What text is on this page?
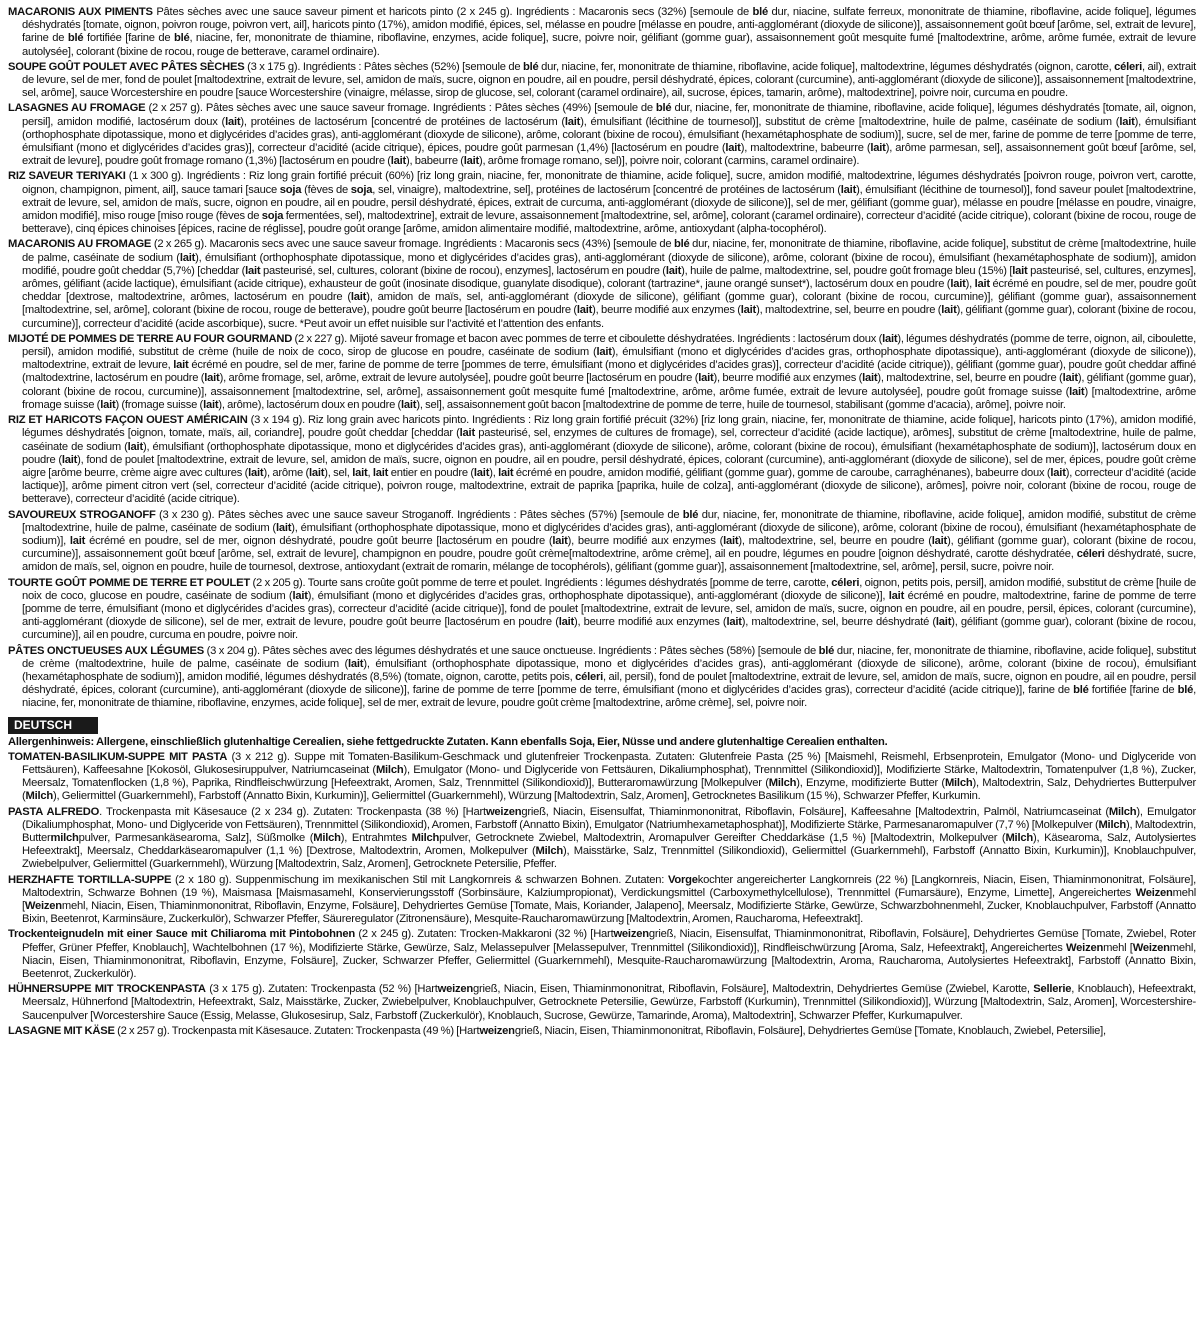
MACARONIS AUX PIMENTS Pâtes sèches avec une sauce saveur piment et haricots pinto (2 x 245 g). Ingrédients : Macaronis secs (32%) [semoule de blé dur, niacine, sulfate ferreux, mononitrate de thiamine, riboflavine, acide folique], légumes déshydratés [tomate, oignon, poivron rouge, poivron vert, ail], haricots pinto (17%), amidon modifié, épices, sel, mélasse en poudre [mélasse en poudre, anti-agglomérant (dioxyde de silicone)], assaisonnement goût bœuf [arôme, sel, extrait de levure], farine de blé fortifiée [farine de blé, niacine, fer, mononitrate de thiamine, riboflavine, enzymes, acide folique], sucre, poivre noir, gélifiant (gomme guar), assaisonnement goût mesquite fumé [maltodextrine, arôme, arôme fumée, extrait de levure autolysée], colorant (bixine de rocou, rouge de betterave, caramel ordinaire).

SOUPE GOÛT POULET AVEC PÂTES SÈCHES (3 x 175 g). Ingrédients : Pâtes sèches (52%) [semoule de blé dur, niacine, fer, mononitrate de thiamine, riboflavine, acide folique], maltodextrine, légumes déshydratés (oignon, carotte, céleri, ail), extrait de levure, sel de mer, fond de poulet [maltodextrine, extrait de levure, sel, amidon de maïs, sucre, oignon en poudre, ail en poudre, persil déshydraté, épices, colorant (curcumine), anti-agglomérant (dioxyde de silicone)], assaisonnement [maltodextrine, sel, arôme], sauce Worcestershire en poudre [sauce Worcestershire (vinaigre, mélasse, sirop de glucose, sel, colorant (caramel ordinaire), ail, sucrose, épices, tamarin, arôme), maltodextrine], poivre noir, curcuma en poudre.

LASAGNES AU FROMAGE (2 x 257 g). Pâtes sèches avec une sauce saveur fromage. Ingrédients : Pâtes sèches (49%) [semoule de blé dur, niacine, fer, mononitrate de thiamine, riboflavine, acide folique], légumes déshydratés [tomate, ail, oignon, persil], amidon modifié, lactosérum doux (lait), protéines de lactosérum [concentré de protéines de lactosérum (lait), émulsifiant (lécithine de tournesol)], substitut de crème [maltodextrine, huile de palme, caséinate de sodium (lait), émulsifiant (orthophosphate dipotassique, mono et diglycérides d’acides gras), anti-agglomérant (dioxyde de silicone), arôme, colorant (bixine de rocou), émulsifiant (hexamétaphosphate de sodium)], sucre, sel de mer, farine de pomme de terre [pomme de terre, émulsifiant (mono et diglycérides d’acides gras)], correcteur d’acidité (acide citrique), épices, poudre goût parmesan (1,4%) [lactosérum en poudre (lait), maltodextrine, babeurre (lait), arôme parmesan, sel], assaisonnement goût bœuf [arôme, sel, extrait de levure], poudre goût fromage romano (1,3%) [lactosérum en poudre (lait), babeurre (lait), arôme fromage romano, sel)], poivre noir, colorant (carmins, caramel ordinaire).

RIZ SAVEUR TERIYAKI (1 x 300 g). Ingrédients : Riz long grain fortifié précuit (60%) [riz long grain, niacine, fer, mononitrate de thiamine, acide folique], sucre, amidon modifié, maltodextrine, légumes déshydratés [poivron rouge, poivron vert, carotte, oignon, champignon, piment, ail], sauce tamari [sauce soja (fèves de soja, sel, vinaigre), maltodextrine, sel], protéines de lactosérum [concentré de protéines de lactosérum (lait), émulsifiant (lécithine de tournesol)], fond saveur poulet [maltodextrine, extrait de levure, sel, amidon de maïs, sucre, oignon en poudre, ail en poudre, persil déshydraté, épices, extrait de curcuma, anti-agglomérant (dioxyde de silicone)], sel de mer, gélifiant (gomme guar), mélasse en poudre [mélasse en poudre, vinaigre, amidon modifié], miso rouge [miso rouge (fèves de soja fermentées, sel), maltodextrine], extrait de levure, assaisonnement [maltodextrine, sel, arôme], colorant (caramel ordinaire), correcteur d’acidité (acide citrique), colorant (bixine de rocou, rouge de betterave), cinq épices chinoises [épices, racine de réglisse], poudre goût orange [arôme, amidon alimentaire modifié, maltodextrine, arôme, antioxydant (alpha-tocophérol).

MACARONIS AU FROMAGE (2 x 265 g). Macaronis secs avec une sauce saveur fromage. Ingrédients : Macaronis secs (43%) [semoule de blé dur, niacine, fer, mononitrate de thiamine, riboflavine, acide folique], substitut de crème [maltodextrine, huile de palme, caséinate de sodium (lait), émulsifiant (orthophosphate dipotassique, mono et diglycérides d’acides gras), anti-agglomérant (dioxyde de silicone), arôme, colorant (bixine de rocou), émulsifiant (hexamétaphosphate de sodium)], amidon modifié, poudre goût cheddar (5,7%) [cheddar (lait pasteurisé, sel, cultures, colorant (bixine de rocou), enzymes], lactosérum en poudre (lait), huile de palme, maltodextrine, sel, poudre goût fromage bleu (15%) [lait pasteurisé, sel, cultures, enzymes], arômes, gélifiant (acide lactique), émulsifiant (acide citrique), exhausteur de goût (inosinate disodique, guanylate disodique), colorant (tartrazine*, jaune orangé sunset*), lactosérum doux en poudre (lait), lait écrémé en poudre, sel de mer, poudre goût cheddar [dextrose, maltodextrine, arômes, lactosérum en poudre (lait), amidon de maïs, sel, anti-agglomérant (dioxyde de silicone), gélifiant (gomme guar), colorant (bixine de rocou, curcumine)], gélifiant (gomme guar), assaisonnement [maltodextrine, sel, arôme], colorant (bixine de rocou, rouge de betterave), poudre goût beurre [lactosérum en poudre (lait), beurre modifié aux enzymes (lait), maltodextrine, sel, beurre en poudre (lait), gélifiant (gomme guar), colorant (bixine de rocou, curcumine)], correcteur d’acidité (acide ascorbique), sucre. *Peut avoir un effet nuisible sur l’activité et l’attention des enfants.

MIJOTÉ DE POMMES DE TERRE AU FOUR GOURMAND (2 x 227 g). Mijoté saveur fromage et bacon avec pommes de terre et ciboulette déshydratées. Ingrédients : lactosérum doux (lait), légumes déshydratés (pomme de terre, oignon, ail, ciboulette, persil), amidon modifié, substitut de crème (huile de noix de coco, sirop de glucose en poudre, caséinate de sodium (lait), émulsifiant (mono et diglycérides d’acides gras, orthophosphate dipotassique), anti-agglomérant (dioxyde de silicone)), maltodextrine, extrait de levure, lait écrémé en poudre, sel de mer, farine de pomme de terre [pommes de terre, émulsifiant (mono et diglycérides d’acides gras)], correcteur d’acidité (acide citrique)), gélifiant (gomme guar), poudre goût cheddar affiné (maltodextrine, lactosérum en poudre (lait), arôme fromage, sel, arôme, extrait de levure autolysée], poudre goût beurre [lactosérum en poudre (lait), beurre modifié aux enzymes (lait), maltodextrine, sel, beurre en poudre (lait), gélifiant (gomme guar), colorant (bixine de rocou, curcumine)], assaisonnement [maltodextrine, sel, arôme], assaisonnement goût mesquite fumé [maltodextrine, arôme, arôme fumée, extrait de levure autolysée], poudre goût fromage suisse (lait) [maltodextrine, arôme fromage suisse (lait) (fromage suisse (lait), arôme), lactosérum doux en poudre (lait), sel], assaisonnement goût bacon [maltodextrine de pomme de terre, huile de tournesol, stabilisant (gomme d’acacia), arôme], poivre noir.

RIZ ET HARICOTS FAÇON OUEST AMÉRICAIN (3 x 194 g). Riz long grain avec haricots pinto. Ingrédients : Riz long grain fortifié précuit (32%) [riz long grain, niacine, fer, mononitrate de thiamine, acide folique], haricots pinto (17%), amidon modifié, légumes déshydratés [oignon, tomate, maïs, ail, coriandre], poudre goût cheddar [cheddar (lait pasteurisé, sel, enzymes de cultures de fromage), sel, correcteur d’acidité (acide lactique), arômes], substitut de crème [maltodextrine, huile de palme, caséinate de sodium (lait), émulsifiant (orthophosphate dipotassique, mono et diglycérides d’acides gras), anti-agglomérant (dioxyde de silicone), arôme, colorant (bixine de rocou), émulsifiant (hexamétaphosphate de sodium)], lactosérum doux en poudre (lait), fond de poulet [maltodextrine, extrait de levure, sel, amidon de maïs, sucre, oignon en poudre, ail en poudre, persil déshydraté, épices, colorant (curcumine), anti-agglomérant (dioxyde de silicone), sel de mer, épices, poudre goût crème aigre [arôme beurre, crème aigre avec cultures (lait), arôme (lait), sel, lait, lait entier en poudre (lait), lait écrémé en poudre, amidon modifié, gélifiant (gomme guar), gomme de caroube, carraghénanes), babeurre doux (lait), correcteur d’acidité (acide lactique)], arôme piment citron vert (sel, correcteur d’acidité (acide citrique), poivron rouge, maltodextrine, extrait de paprika [paprika, huile de colza], anti-agglomérant (dioxyde de silicone), arômes], poivre noir, colorant (bixine de rocou, rouge de betterave), correcteur d’acidité (acide citrique).

SAVOUREUX STROGANOFF (3 x 230 g). Pâtes sèches avec une sauce saveur Stroganoff. Ingrédients : Pâtes sèches (57%) [semoule de blé dur, niacine, fer, mononitrate de thiamine, riboflavine, acide folique], amidon modifié, substitut de crème [maltodextrine, huile de palme, caséinate de sodium (lait), émulsifiant (orthophosphate dipotassique, mono et diglycérides d’acides gras), anti-agglomérant (dioxyde de silicone), arôme, colorant (bixine de rocou), émulsifiant (hexamétaphosphate de sodium)], lait écrémé en poudre, sel de mer, oignon déshydraté, poudre goût beurre [lactosérum en poudre (lait), beurre modifié aux enzymes (lait), maltodextrine, sel, beurre en poudre (lait), gélifiant (gomme guar), colorant (bixine de rocou, curcumine)], assaisonnement goût bœuf [arôme, sel, extrait de levure], champignon en poudre, poudre goût crème[maltodextrine, arôme crème], ail en poudre, légumes en poudre [oignon déshydraté, carotte déshydratée, céleri déshydraté, sucre, amidon de maïs, sel, oignon en poudre, huile de tournesol, dextrose, antioxydant (extrait de romarin, mélange de tocophérols), gélifiant (gomme guar)], assaisonnement [maltodextrine, sel, arôme], persil, sucre, poivre noir.

TOURTE GOÛT POMME DE TERRE ET POULET (2 x 205 g). Tourte sans croûte goût pomme de terre et poulet. Ingrédients : légumes déshydratés [pomme de terre, carotte, céleri, oignon, petits pois, persil], amidon modifié, substitut de crème [huile de noix de coco, glucose en poudre, caséinate de sodium (lait), émulsifiant (mono et diglycérides d’acides gras, orthophosphate dipotassique), anti-agglomérant (dioxyde de silicone)], lait écrémé en poudre, maltodextrine, farine de pomme de terre [pomme de terre, émulsifiant (mono et diglycérides d’acides gras), correcteur d’acidité (acide citrique)], fond de poulet [maltodextrine, extrait de levure, sel, amidon de maïs, sucre, oignon en poudre, ail en poudre, persil, épices, colorant (curcumine), anti-agglomérant (dioxyde de silicone), sel de mer, extrait de levure, poudre goût beurre [lactosérum en poudre (lait), beurre modifié aux enzymes (lait), maltodextrine, sel, beurre déshydraté (lait), gélifiant (gomme guar), colorant (bixine de rocou, curcumine)], ail en poudre, curcuma en poudre, poivre noir.

PÂTES ONCTUEUSES AUX LÉGUMES (3 x 204 g). Pâtes sèches avec des légumes déshydratés et une sauce onctueuse. Ingrédients : Pâtes sèches (58%) [semoule de blé dur, niacine, fer, mononitrate de thiamine, riboflavine, acide folique], substitut de crème (maltodextrine, huile de palme, caséinate de sodium (lait), émulsifiant (orthophosphate dipotassique, mono et diglycérides d’acides gras), anti-agglomérant (dioxyde de silicone), arôme, colorant (bixine de rocou), émulsifiant (hexamétaphosphate de sodium)], amidon modifié, légumes déshydratés (8,5%) (tomate, oignon, carotte, petits pois, céleri, ail, persil), fond de poulet [maltodextrine, extrait de levure, sel, amidon de maïs, sucre, oignon en poudre, ail en poudre, persil déshydraté, épices, colorant (curcumine), anti-agglomérant (dioxyde de silicone)], farine de pomme de terre [pomme de terre, émulsifiant (mono et diglycérides d’acides gras), correcteur d’acidité (acide citrique)], farine de blé fortifiée [farine de blé, niacine, fer, mononitrate de thiamine, riboflavine, enzymes, acide folique], sel de mer, extrait de levure, poudre goût crème [maltodextrine, arôme crème], sel, poivre noir.

DEUTSCH
Allergenhinweis: Allergene, einschließlich glutenhaltige Cerealien, siehe fettgedruckte Zutaten. Kann ebenfalls Soja, Eier, Nüsse und andere glutenhaltige Cerealien enthalten.

TOMATEN-BASILIKUM-SUPPE MIT PASTA (3 x 212 g). Suppe mit Tomaten-Basilikum-Geschmack und glutenfreier Trockenpasta. Zutaten: Glutenfreie Pasta (25 %) [Maismehl, Reismehl, Erbsenprotein, Emulgator (Mono- und Diglyceride von Fettsäuren), Kaffeesahne [Kokosöl, Glukosesiruppulver, Natriumcaseinat (Milch), Emulgator (Mono- und Diglyceride von Fettsäuren, Dikaliumphosphat), Trennmittel (Silikondioxid)], Modifizierte Stärke, Maltodextrin, Tomatenpulver (1,8 %), Zucker, Meersalz, Tomatenflocken (1,8 %), Paprika, Rindfleischwürzung [Hefeextrakt, Aromen, Salz, Trennmittel (Silikondioxid)], Butteraromawürzung [Molkepulver (Milch), Enzyme, modifizierte Butter (Milch), Maltodextrin, Salz, Dehydriertes Butterpulver (Milch), Geliermittel (Guarkernmehl), Farbstoff (Annatto Bixin, Kurkumin)], Geliermittel (Guarkernmehl), Würzung [Maltodextrin, Salz, Aromen], Getrocknetes Basilikum (15 %), Schwarzer Pfeffer, Kurkumin.

PASTA ALFREDO. Trockenpasta mit Käsesauce (2 x 234 g). Zutaten: Trockenpasta (38 %) [Hartweizengrieß, Niacin, Eisensulfat, Thiaminmononitrat, Riboflavin, Folsäure], Kaffeesahne [Maltodextrin, Palmöl, Natriumcaseinat (Milch), Emulgator (Dikaliumphosphat, Mono- und Diglyceride von Fettsäuren), Trennmittel (Silikondioxid), Aromen, Farbstoff (Annatto Bixin), Emulgator (Natriumhexametaphosphat)], Modifizierte Stärke, Parmesanaromapulver (7,7 %) [Molkepulver (Milch), Maltodextrin, Buttermilchpulver, Parmesankäsearoma, Salz], Süßmolke (Milch), Entrahmtes Milchpulver, Getrocknete Zwiebel, Maltodextrin, Aromapulver Gereifter Cheddarkäse (1,5 %) [Maltodextrin, Molkepulver (Milch), Käsearoma, Salz, Autolysiertes Hefeextrakt], Meersalz, Cheddarkäsearomapulver (1,1 %) [Dextrose, Maltodextrin, Aromen, Molkepulver (Milch), Maisstärke, Salz, Trennmittel (Silikondioxid), Geliermittel (Guarkernmehl), Farbstoff (Annatto Bixin, Kurkumin)], Knoblauchpulver, Zwiebelpulver, Geliermittel (Guarkernmehl), Würzung [Maltodextrin, Salz, Aromen], Getrocknete Petersilie, Pfeffer.

HERZHAFTE TORTILLA-SUPPE (2 x 180 g). Suppenmischung im mexikanischen Stil mit Langkornreis & schwarzen Bohnen. Zutaten: Vorgekochter angereicherter Langkornreis (22 %) [Langkornreis, Niacin, Eisen, Thiaminmononitrat, Folsäure], Maltodextrin, Schwarze Bohnen (19 %), Maismasa [Maismasamehl, Konservierungsstoff (Sorbinsäure, Kalziumpropionat), Verdickungsmittel (Carboxymethylcellulose), Trennmittel (Fumarsäure), Enzyme, Limette], Angereichertes Weizenmehl [Weizenmehl, Niacin, Eisen, Thiaminmononitrat, Riboflavin, Enzyme, Folsäure], Dehydriertes Gemüse [Tomate, Mais, Koriander, Jalapeno], Meersalz, Modifizierte Stärke, Gewürze, Schwarzbohnenmehl, Zucker, Knoblauchpulver, Farbstoff (Annatto Bixin, Beetenrot, Karminsäure, Zuckerkulör), Schwarzer Pfeffer, Säureregulator (Zitronensäure), Mesquite-Raucharomawürzung [Maltodextrin, Aromen, Raucharoma, Hefeextrakt].

Trockenteignudeln mit einer Sauce mit Chiliaroma mit Pintobohnen (2 x 245 g). Zutaten: Trocken-Makkaroni (32 %) [Hartweizengrieß, Niacin, Eisensulfat, Thiaminmononitrat, Riboflavin, Folsäure], Dehydriertes Gemüse [Tomate, Zwiebel, Roter Pfeffer, Grüner Pfeffer, Knoblauch], Wachtelbohnen (17 %), Modifizierte Stärke, Gewürze, Salz, Melassepulver [Melassepulver, Trennmittel (Silikondioxid)], Rindfleischwürzung [Aroma, Salz, Hefeextrakt], Angereichertes Weizenmehl [Weizenmehl, Niacin, Eisen, Thiaminmononitrat, Riboflavin, Enzyme, Folsäure], Zucker, Schwarzer Pfeffer, Geliermittel (Guarkernmehl), Mesquite-Raucharomawürzung [Maltodextrin, Aroma, Raucharoma, Autolysiertes Hefeextrakt], Farbstoff (Annatto Bixin, Beetenrot, Zuckerkulör).

HÜHNERSUPPE MIT TROCKENPASTA (3 x 175 g). Zutaten: Trockenpasta (52 %) [Hartweizengrieß, Niacin, Eisen, Thiaminmononitrat, Riboflavin, Folsäure], Maltodextrin, Dehydriertes Gemüse (Zwiebel, Karotte, Sellerie, Knoblauch), Hefeextrakt, Meersalz, Hühnerfond [Maltodextrin, Hefeextrakt, Salz, Maisstärke, Zucker, Zwiebelpulver, Knoblauchpulver, Getrocknete Petersilie, Gewürze, Farbstoff (Kurkumin), Trennmittel (Silikondioxid)], Würzung [Maltodextrin, Salz, Aromen], Worcestershire-Saucenpulver [Worcestershire Sauce (Essig, Melasse, Glukosesirup, Salz, Farbstoff (Zuckerkulör), Knoblauch, Sucrose, Gewürze, Tamarinde, Aroma), Maltodextrin], Schwarzer Pfeffer, Kurkumapulver.

LASAGNE MIT KÄSE (2 x 257 g). Trockenpasta mit Käsesauce. Zutaten: Trockenpasta (49 %) [Hartweizengrieß, Niacin, Eisen, Thiaminmononitrat, Riboflavin, Folsäure], Dehydriertes Gemüse [Tomate, Knoblauch, Zwiebel, Petersilie],
